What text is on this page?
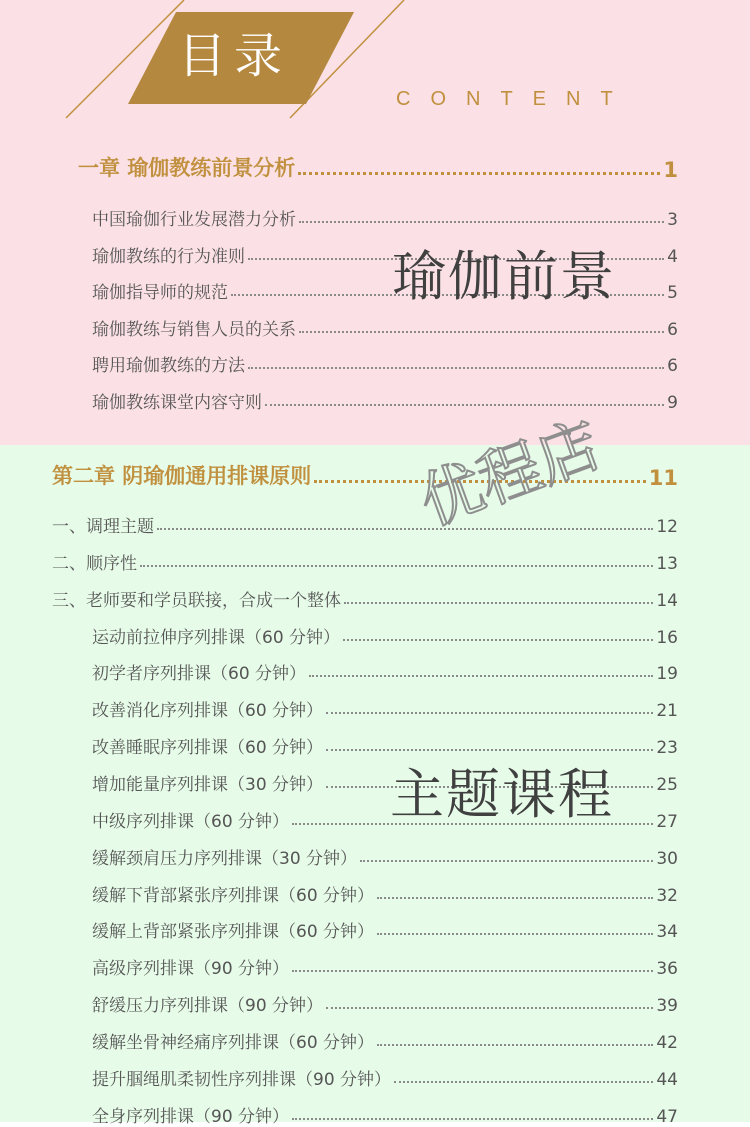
目录
CONTENT
一章 瑜伽教练前景分析	1
中国瑜伽行业发展潜力分析	3
瑜伽教练的行为准则	4
瑜伽指导师的规范	5
瑜伽教练与销售人员的关系	6
聘用瑜伽教练的方法	6
瑜伽教练课堂内容守则	9
第二章 阴瑜伽通用排课原则	11
一、调理主题	12
二、顺序性	13
三、老师要和学员联接，合成一个整体	14
运动前拉伸序列排课（60 分钟）	16
初学者序列排课（60 分钟）	19
改善消化序列排课（60 分钟）	21
改善睡眠序列排课（60 分钟）	23
增加能量序列排课（30 分钟）	25
中级序列排课（60 分钟）	27
缓解颈肩压力序列排课（30 分钟）	30
缓解下背部紧张序列排课（60 分钟）	32
缓解上背部紧张序列排课（60 分钟）	34
高级序列排课（90 分钟）	36
舒缓压力序列排课（90 分钟）	39
缓解坐骨神经痛序列排课（60 分钟）	42
提升腘绳肌柔韧性序列排课（90 分钟）	44
全身序列排课（90 分钟）	47
瑜伽前景
优程店
主题课程
